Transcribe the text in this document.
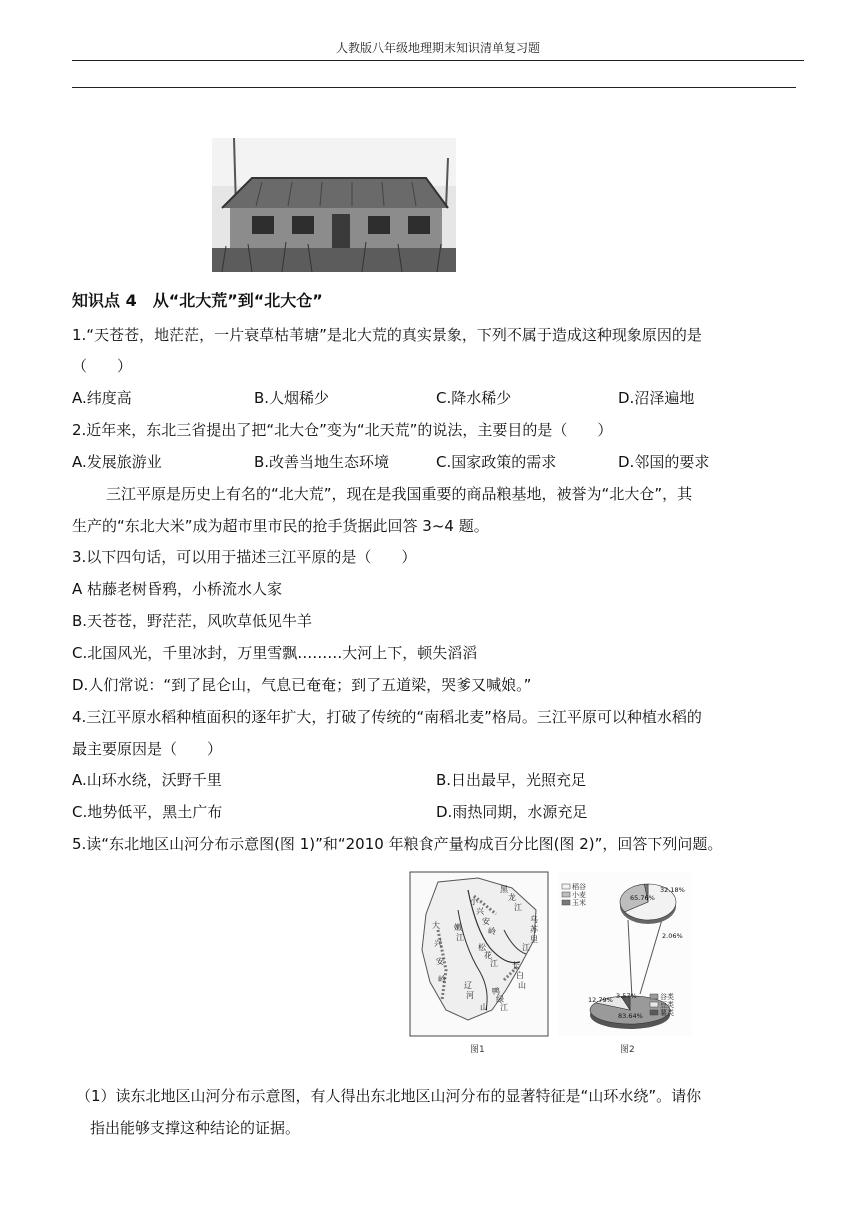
人教版八年级地理期末知识清单复习题
知识点 4　从“北大荒”到“北大仓”
1.“天苍苍，地茫茫，一片衰草枯苇塘”是北大荒的真实景象，下列不属于造成这种现象原因的是
（　　）
A.纬度高	B.人烟稀少	C.降水稀少	D.沼泽遍地
2.近年来，东北三省提出了把“北大仓”变为“北天荒”的说法，主要目的是（　　）
A.发展旅游业	B.改善当地生态环境	C.国家政策的需求	D.邻国的要求
三江平原是历史上有名的“北大荒”，现在是我国重要的商品粮基地，被誉为“北大仓”，其
生产的“东北大米”成为超市里市民的抢手货据此回答 3~4 题。
3.以下四句话，可以用于描述三江平原的是（　　）
A 枯藤老树昏鸦，小桥流水人家
B.天苍苍，野茫茫，风吹草低见牛羊
C.北国风光，千里冰封，万里雪飘………大河上下，顿失滔滔
D.人们常说：“到了昆仑山，气息已奄奄；到了五道梁，哭爹又喊娘。”
4.三江平原水稻种植面积的逐年扩大，打破了传统的“南稻北麦”格局。三江平原可以种植水稻的
最主要原因是（　　）
A.山环水绕，沃野千里	B.日出最早，光照充足
C.地势低平，黑土广布	D.雨热同期，水源充足
5.读“东北地区山河分布示意图(图 1)”和“2010 年粮食产量构成百分比图(图 2)”，回答下列问题。
大
兴
安
岭
小
兴
安
岭
黑
龙
江
松
花
江
乌
苏
里
江
长
白
山
嫩
江
辽
河 鸭
绿
江
山
图1
稻谷
小麦
玉米
谷类
豆类
薯类
65.76%
32.18%
2.06%
83.64%
12.79% 3.57%
图2
（1）读东北地区山河分布示意图，有人得出东北地区山河分布的显著特征是“山环水绕”。请你
指出能够支撑这种结论的证据。
